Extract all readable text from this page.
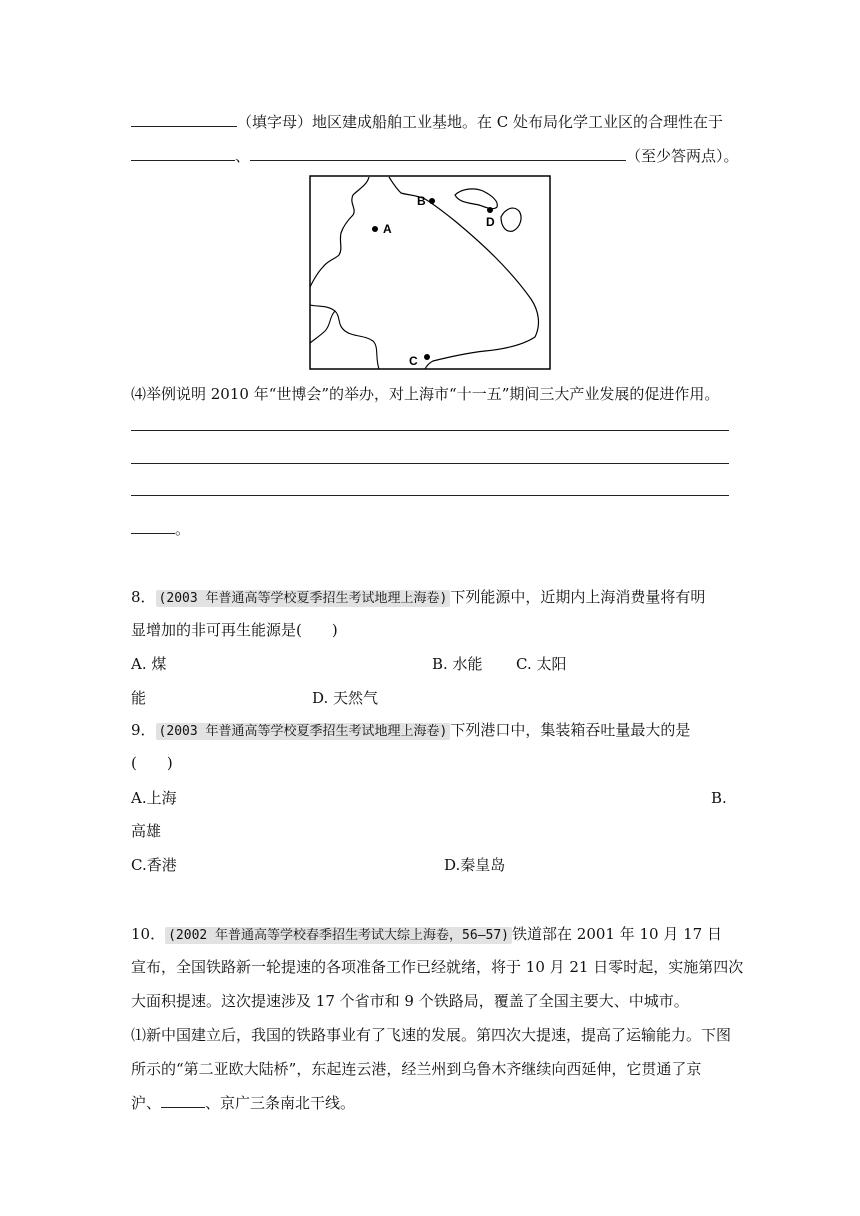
（填字母）地区建成船舶工业基地。在 C 处布局化学工业区的合理性在于
、	（至少答两点）。
A
B
D
C
⑷举例说明 2010 年“世博会”的举办，对上海市“十一五”期间三大产业发展的促进作用。
。
8． (2003 年普通高等学校夏季招生考试地理上海卷) 下列能源中，近期内上海消费量将有明
显增加的非可再生能源是(　　)
A. 煤	B. 水能 C. 太阳
能	D. 天然气
9． (2003 年普通高等学校夏季招生考试地理上海卷) 下列港口中，集装箱吞吐量最大的是
(　　)
A.上海	B.
高雄
C.香港	D.秦皇岛
10． (2002 年普通高等学校春季招生考试大综上海卷，56—57) 铁道部在 2001 年 10 月 17 日
宣布，全国铁路新一轮提速的各项准备工作已经就绪，将于 10 月 21 日零时起，实施第四次
大面积提速。这次提速涉及 17 个省市和 9 个铁路局，覆盖了全国主要大、中城市。
⑴新中国建立后，我国的铁路事业有了飞速的发展。第四次大提速，提高了运输能力。下图
所示的“第二亚欧大陆桥”，东起连云港，经兰州到乌鲁木齐继续向西延伸，它贯通了京
沪、	、京广三条南北干线。
